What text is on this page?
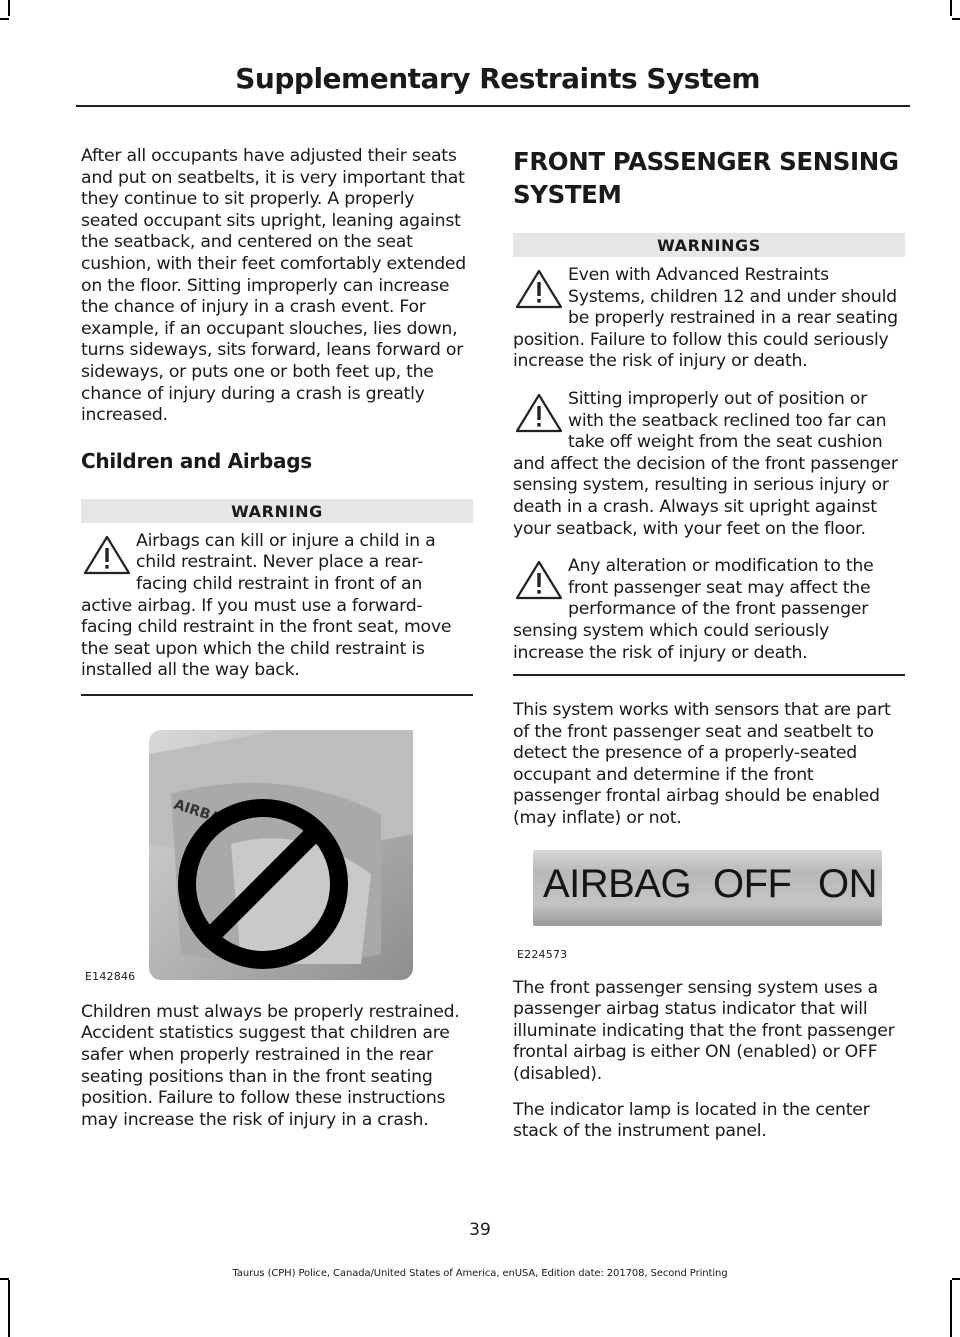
Supplementary Restraints System

After all occupants have adjusted their seats and put on seatbelts, it is very important that they continue to sit properly. A properly seated occupant sits upright, leaning against the seatback, and centered on the seat cushion, with their feet comfortably extended on the floor. Sitting improperly can increase the chance of injury in a crash event. For example, if an occupant slouches, lies down, turns sideways, sits forward, leans forward or sideways, or puts one or both feet up, the chance of injury during a crash is greatly increased.

Children and Airbags
WARNING
Airbags can kill or injure a child in a child restraint. Never place a rear-facing child restraint in front of an active airbag. If you must use a forward-facing child restraint in the front seat, move the seat upon which the child restraint is installed all the way back.
AIRBAG
E142846

Children must always be properly restrained. Accident statistics suggest that children are safer when properly restrained in the rear seating positions than in the front seating position. Failure to follow these instructions may increase the risk of injury in a crash.

FRONT PASSENGER SENSING SYSTEM
WARNINGS
Even with Advanced Restraints Systems, children 12 and under should be properly restrained in a rear seating position. Failure to follow this could seriously increase the risk of injury or death.
Sitting improperly out of position or with the seatback reclined too far can take off weight from the seat cushion and affect the decision of the front passenger sensing system, resulting in serious injury or death in a crash. Always sit upright against your seatback, with your feet on the floor.
Any alteration or modification to the front passenger seat may affect the performance of the front passenger sensing system which could seriously increase the risk of injury or death.

This system works with sensors that are part of the front passenger seat and seatbelt to detect the presence of a properly-seated occupant and determine if the front passenger frontal airbag should be enabled (may inflate) or not.

AIRBAG OFF ON
E224573

The front passenger sensing system uses a passenger airbag status indicator that will illuminate indicating that the front passenger frontal airbag is either ON (enabled) or OFF (disabled).

The indicator lamp is located in the center stack of the instrument panel.

39
Taurus (CPH) Police, Canada/United States of America, enUSA, Edition date: 201708, Second Printing
